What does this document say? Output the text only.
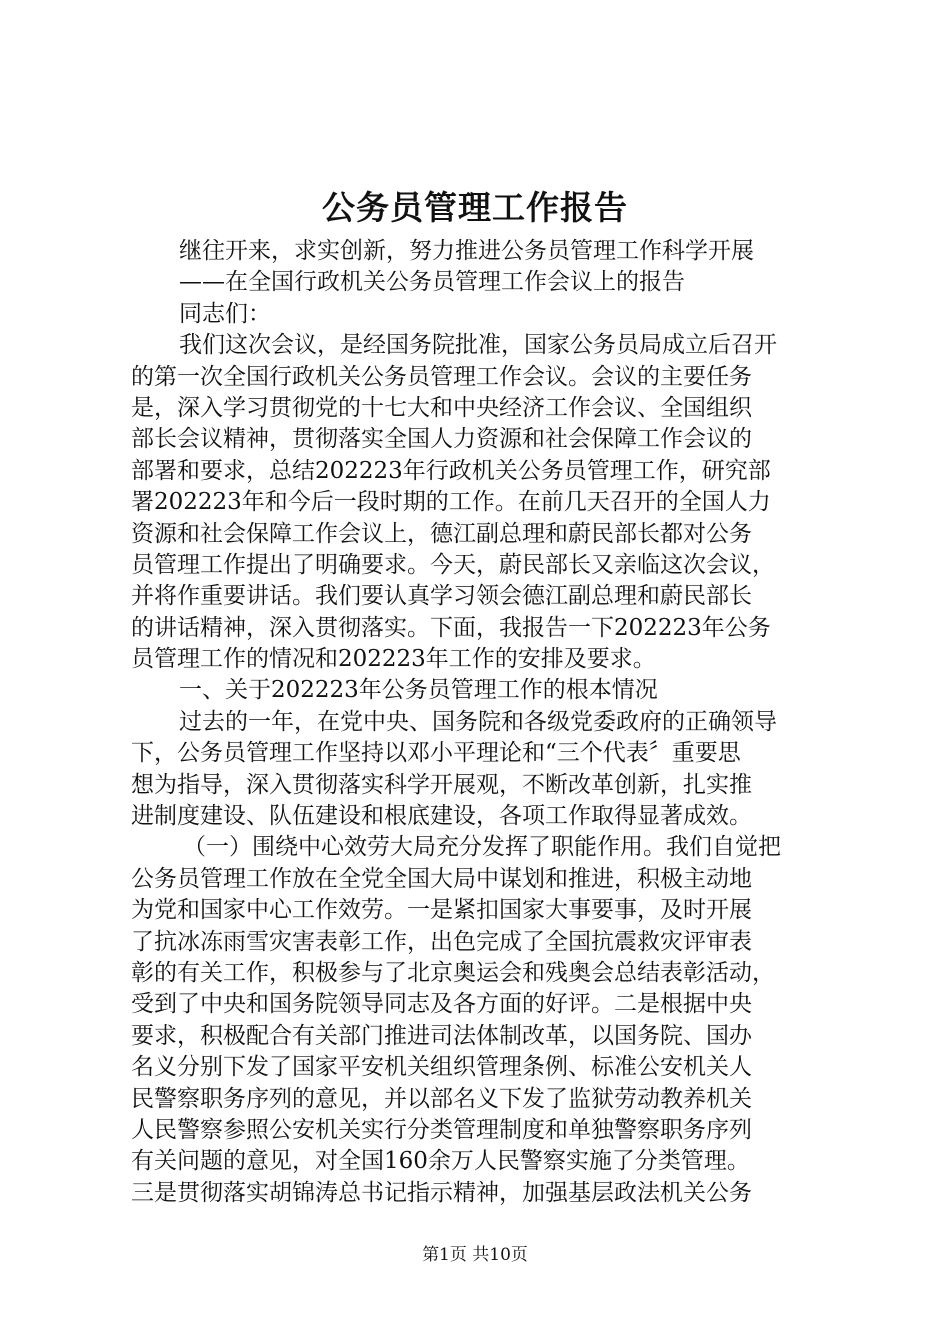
公务员管理工作报告
继往开来，求实创新，努力推进公务员管理工作科学开展
——在全国行政机关公务员管理工作会议上的报告
同志们：
我们这次会议，是经国务院批准，国家公务员局成立后召开
的第一次全国行政机关公务员管理工作会议。会议的主要任务
是，深入学习贯彻党的十七大和中央经济工作会议、全国组织
部长会议精神，贯彻落实全国人力资源和社会保障工作会议的
部署和要求，总结202223年行政机关公务员管理工作，研究部
署202223年和今后一段时期的工作。在前几天召开的全国人力
资源和社会保障工作会议上，德江副总理和蔚民部长都对公务
员管理工作提出了明确要求。今天，蔚民部长又亲临这次会议，
并将作重要讲话。我们要认真学习领会德江副总理和蔚民部长
的讲话精神，深入贯彻落实。下面，我报告一下202223年公务
员管理工作的情况和202223年工作的安排及要求。
一、关于202223年公务员管理工作的根本情况
过去的一年，在党中央、国务院和各级党委政府的正确领导
下，公务员管理工作坚持以邓小平理论和“三个代表〞重要思
想为指导，深入贯彻落实科学开展观，不断改革创新，扎实推
进制度建设、队伍建设和根底建设，各项工作取得显著成效。
（一）围绕中心效劳大局充分发挥了职能作用。我们自觉把
公务员管理工作放在全党全国大局中谋划和推进，积极主动地
为党和国家中心工作效劳。一是紧扣国家大事要事，及时开展
了抗冰冻雨雪灾害表彰工作，出色完成了全国抗震救灾评审表
彰的有关工作，积极参与了北京奥运会和残奥会总结表彰活动，
受到了中央和国务院领导同志及各方面的好评。二是根据中央
要求，积极配合有关部门推进司法体制改革，以国务院、国办
名义分别下发了国家平安机关组织管理条例、标准公安机关人
民警察职务序列的意见，并以部名义下发了监狱劳动教养机关
人民警察参照公安机关实行分类管理制度和单独警察职务序列
有关问题的意见，对全国160余万人民警察实施了分类管理。
三是贯彻落实胡锦涛总书记指示精神，加强基层政法机关公务
第1页 共10页
